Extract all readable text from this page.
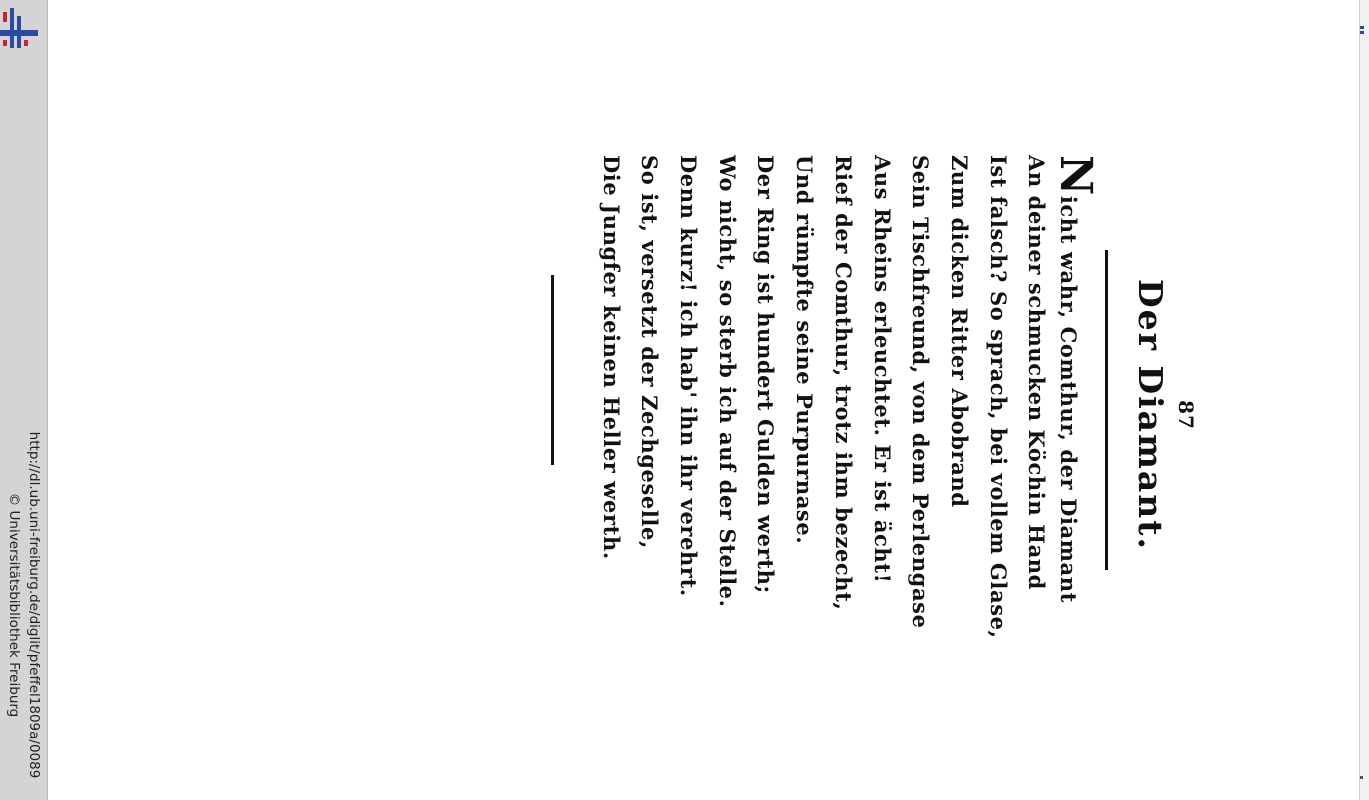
http://dl.ub.uni-freiburg.de/diglit/pfeffel1809a/0089
© Universitätsbibliothek Freiburg
87
Der Diamant.
Nicht wahr, Comthur, der Diamant
An deiner schmucken Köchin Hand
Ist falsch? So sprach, bei vollem Glase,
Zum dicken Ritter Abobrand
Sein Tischfreund, von dem Perlengase
Aus Rheins erleuchtet. Er ist ächt!
Rief der Comthur, trotz ihm bezecht,
Und rümpfte seine Purpurnase.
Der Ring ist hundert Gulden werth;
Wo nicht, so sterb ich auf der Stelle.
Denn kurz! ich hab' ihn ihr verehrt.
So ist, versetzt der Zechgeselle,
Die Jungfer keinen Heller werth.
